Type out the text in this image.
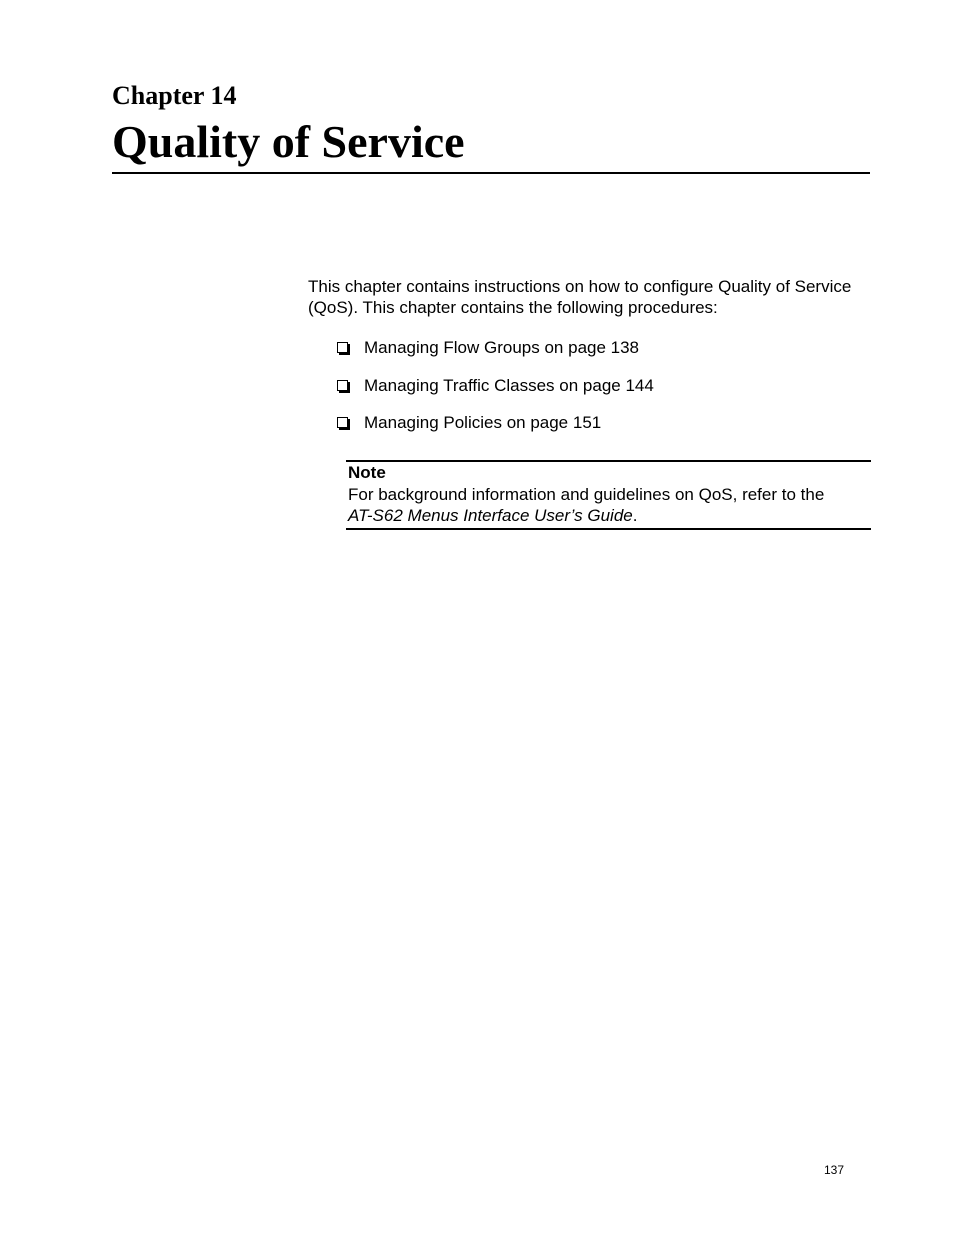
Chapter 14
Quality of Service

This chapter contains instructions on how to configure Quality of Service
(QoS). This chapter contains the following procedures:

Managing Flow Groups on page 138
Managing Traffic Classes on page 144
Managing Policies on page 151
Note
For background information and guidelines on QoS, refer to the
AT-S62 Menus Interface User’s Guide.
137
